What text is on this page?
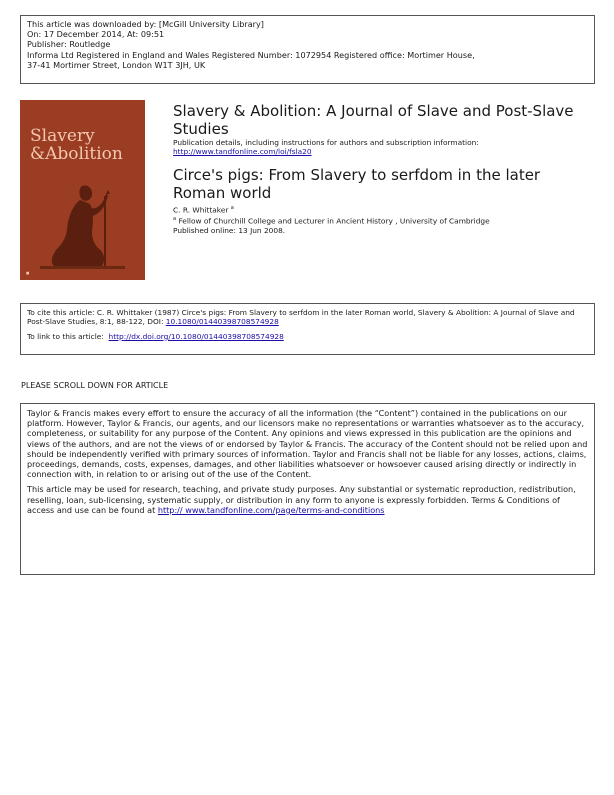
This article was downloaded by: [McGill University Library]
On: 17 December 2014, At: 09:51
Publisher: Routledge
Informa Ltd Registered in England and Wales Registered Number: 1072954 Registered office: Mortimer House,
37-41 Mortimer Street, London W1T 3JH, UK

Slavery
&Abolition
■
Slavery & Abolition: A Journal of Slave and Post-Slave Studies
Publication details, including instructions for authors and subscription information:
http://www.tandfonline.com/loi/fsla20
Circe's pigs: From Slavery to serfdom in the later Roman world
C. R. Whittaker $^a$
$^a$ Fellow of Churchill College and Lecturer in Ancient History , University of Cambridge
Published online: 13 Jun 2008.

To cite this article: C. R. Whittaker (1987) Circe's pigs: From Slavery to serfdom in the later Roman world, Slavery & Abolition: A Journal of Slave and Post-Slave Studies, 8:1, 88-122, DOI: 10.1080/01440398708574928

To link to this article:  http://dx.doi.org/10.1080/01440398708574928

PLEASE SCROLL DOWN FOR ARTICLE

Taylor & Francis makes every effort to ensure the accuracy of all the information (the “Content”) contained in the publications on our platform. However, Taylor & Francis, our agents, and our licensors make no representations or warranties whatsoever as to the accuracy, completeness, or suitability for any purpose of the Content. Any opinions and views expressed in this publication are the opinions and views of the authors, and are not the views of or endorsed by Taylor & Francis. The accuracy of the Content should not be relied upon and should be independently verified with primary sources of information. Taylor and Francis shall not be liable for any losses, actions, claims, proceedings, demands, costs, expenses, damages, and other liabilities whatsoever or howsoever caused arising directly or indirectly in connection with, in relation to or arising out of the use of the Content.

This article may be used for research, teaching, and private study purposes. Any substantial or systematic reproduction, redistribution, reselling, loan, sub-licensing, systematic supply, or distribution in any form to anyone is expressly forbidden. Terms & Conditions of access and use can be found at http:// www.tandfonline.com/page/terms-and-conditions
